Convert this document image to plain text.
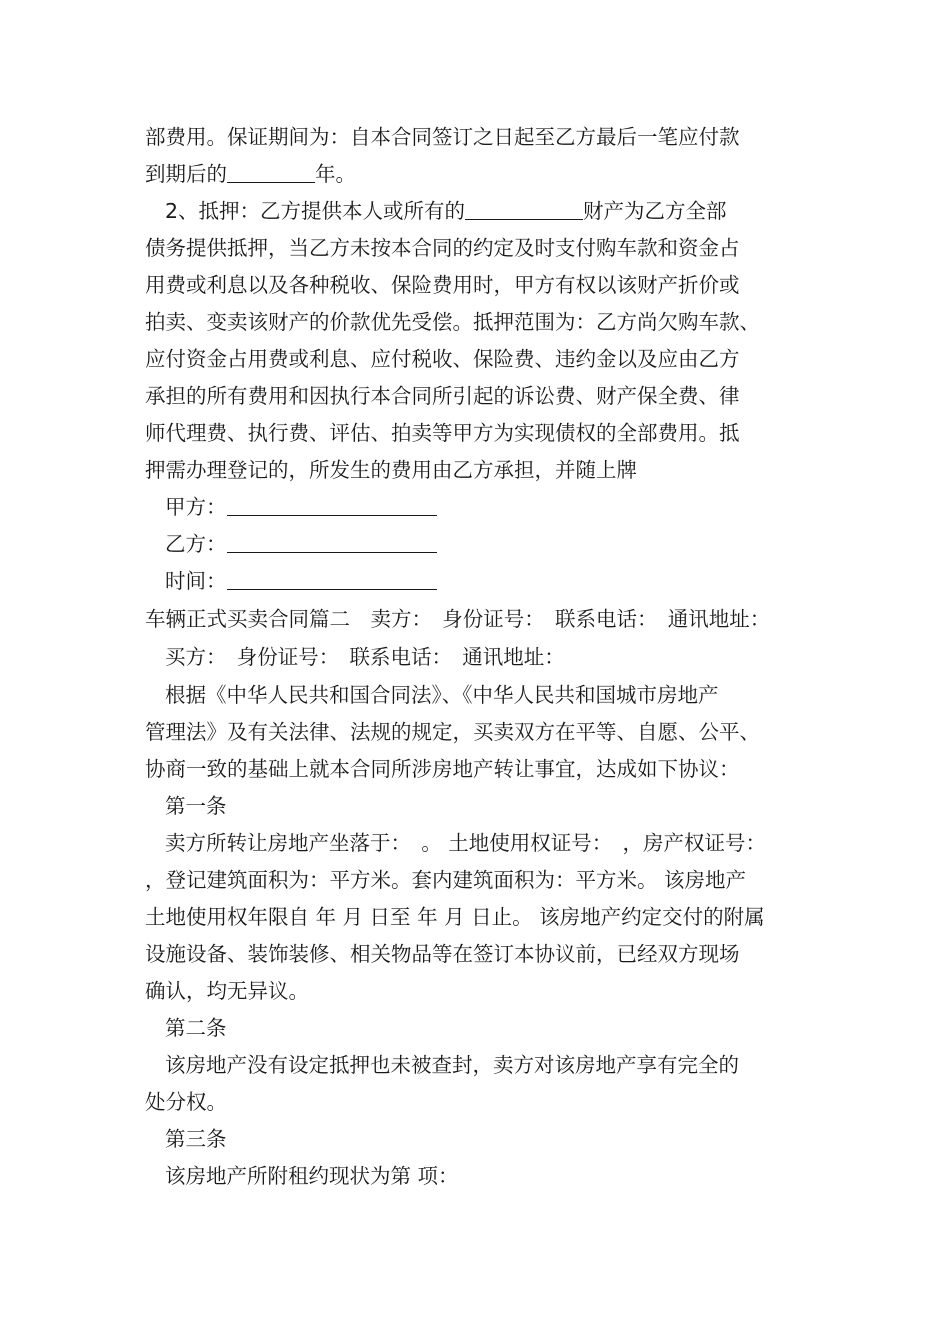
部费用。保证期间为：自本合同签订之日起至乙方最后一笔应付款
到期后的	年。
2、抵押：乙方提供本人或所有的	财产为乙方全部
债务提供抵押，当乙方未按本合同的约定及时支付购车款和资金占
用费或利息以及各种税收、保险费用时，甲方有权以该财产折价或
拍卖、变卖该财产的价款优先受偿。抵押范围为：乙方尚欠购车款、
应付资金占用费或利息、应付税收、保险费、违约金以及应由乙方
承担的所有费用和因执行本合同所引起的诉讼费、财产保全费、律
师代理费、执行费、评估、拍卖等甲方为实现债权的全部费用。抵
押需办理登记的，所发生的费用由乙方承担，并随上牌
甲方：
乙方：
时间：
车辆正式买卖合同篇二　卖方：　身份证号：　联系电话：　通讯地址：
买方：　身份证号：　联系电话：　通讯地址：
根据《中华人民共和国合同法》、《中华人民共和国城市房地产
管理法》及有关法律、法规的规定，买卖双方在平等、自愿、公平、
协商一致的基础上就本合同所涉房地产转让事宜，达成如下协议：
第一条
卖方所转让房地产坐落于：　。 土地使用权证号：　，房产权证号：
，登记建筑面积为：平方米。套内建筑面积为：平方米。 该房地产
土地使用权年限自 年 月 日至 年 月 日止。 该房地产约定交付的附属
设施设备、装饰装修、相关物品等在签订本协议前，已经双方现场
确认，均无异议。
第二条
该房地产没有设定抵押也未被查封，卖方对该房地产享有完全的
处分权。
第三条
该房地产所附租约现状为第 项：
